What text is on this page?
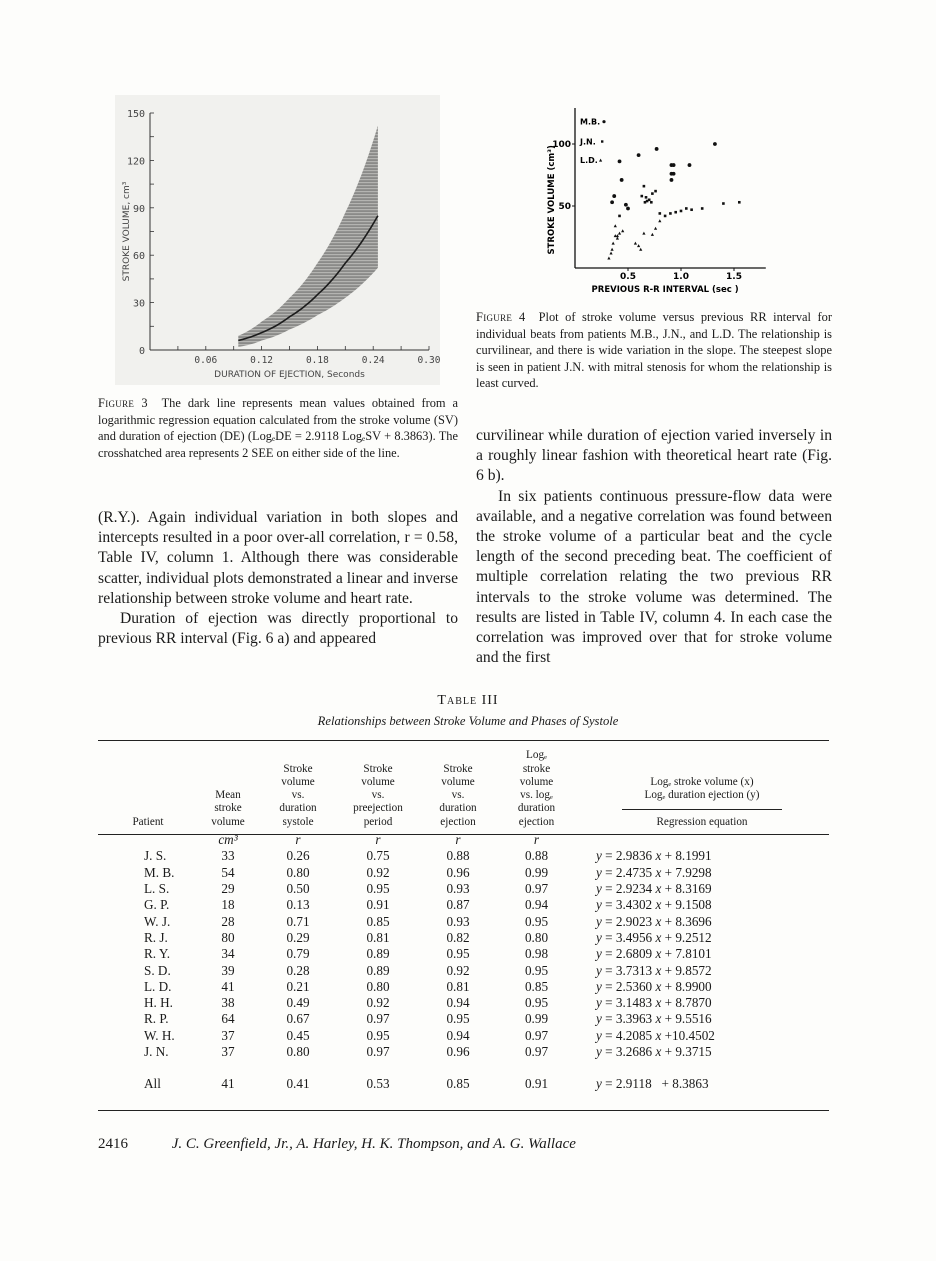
0
30
60
90
120
150
0.06	0.12	0.18	0.24	0.30
DURATION OF EJECTION, Seconds
STROKE VOLUME, cm³	50
100
0.5	1.0	1.5
PREVIOUS R-R INTERVAL (sec )
STROKE VOLUME (cm³)
M.B.
J.N.
L.D.
Figure 3 The dark line represents mean values obtained from a logarithmic regression equation calculated from the stroke volume (SV) and duration of ejection (DE) (LogₑDE = 2.9118 LogₑSV + 8.3863). The crosshatched area represents 2 SEE on either side of the line.
Figure 4 Plot of stroke volume versus previous RR interval for individual beats from patients M.B., J.N., and L.D. The relationship is curvilinear, and there is wide variation in the slope. The steepest slope is seen in patient J.N. with mitral stenosis for whom the relationship is least curved.

(R.Y.). Again individual variation in both slopes and intercepts resulted in a poor over-all correlation, r = 0.58, Table IV, column 1. Although there was considerable scatter, individual plots demonstrated a linear and inverse relationship between stroke volume and heart rate.

Duration of ejection was directly proportional to previous RR interval (Fig. 6 a) and appeared

curvilinear while duration of ejection varied inversely in a roughly linear fashion with theoretical heart rate (Fig. 6 b).

In six patients continuous pressure-flow data were available, and a negative correlation was found between the stroke volume of a particular beat and the cycle length of the second preceding beat. The coefficient of multiple correlation relating the two previous RR intervals to the stroke volume was determined. The results are listed in Table IV, column 4. In each case the correlation was improved over that for stroke volume and the first

Table III
Relationships between Stroke Volume and Phases of Systole
Patient	
Mean
stroke
volume

Stroke
volume
vs.
duration
systole

Stroke
volume
vs.
preejection
period

Stroke
volume
vs.
duration
ejection

Logₑ
stroke
volume
vs. logₑ
duration
ejection

Logₑ stroke volume (x)
Logₑ duration ejection (y)
Regression equation

	cm³	r	r	r	r	
J. S.	33	0.26	0.75	0.88	0.88	y = 2.9836 x + 8.1991
M. B.	54	0.80	0.92	0.96	0.99	y = 2.4735 x + 7.9298
L. S.	29	0.50	0.95	0.93	0.97	y = 2.9234 x + 8.3169
G. P.	18	0.13	0.91	0.87	0.94	y = 3.4302 x + 9.1508
W. J.	28	0.71	0.85	0.93	0.95	y = 2.9023 x + 8.3696
R. J.	80	0.29	0.81	0.82	0.80	y = 3.4956 x + 9.2512
R. Y.	34	0.79	0.89	0.95	0.98	y = 2.6809 x + 7.8101
S. D.	39	0.28	0.89	0.92	0.95	y = 3.7313 x + 9.8572
L. D.	41	0.21	0.80	0.81	0.85	y = 2.5360 x + 8.9900
H. H.	38	0.49	0.92	0.94	0.95	y = 3.1483 x + 8.7870
R. P.	64	0.67	0.97	0.95	0.99	y = 3.3963 x + 9.5516
W. H.	37	0.45	0.95	0.94	0.97	y = 4.2085 x +10.4502
J. N.	37	0.80	0.97	0.96	0.97	y = 3.2686 x + 9.3715
All	41	0.41	0.53	0.85	0.91	y = 2.9118   + 8.3863
2416	J. C. Greenfield, Jr., A. Harley, H. K. Thompson, and A. G. Wallace
